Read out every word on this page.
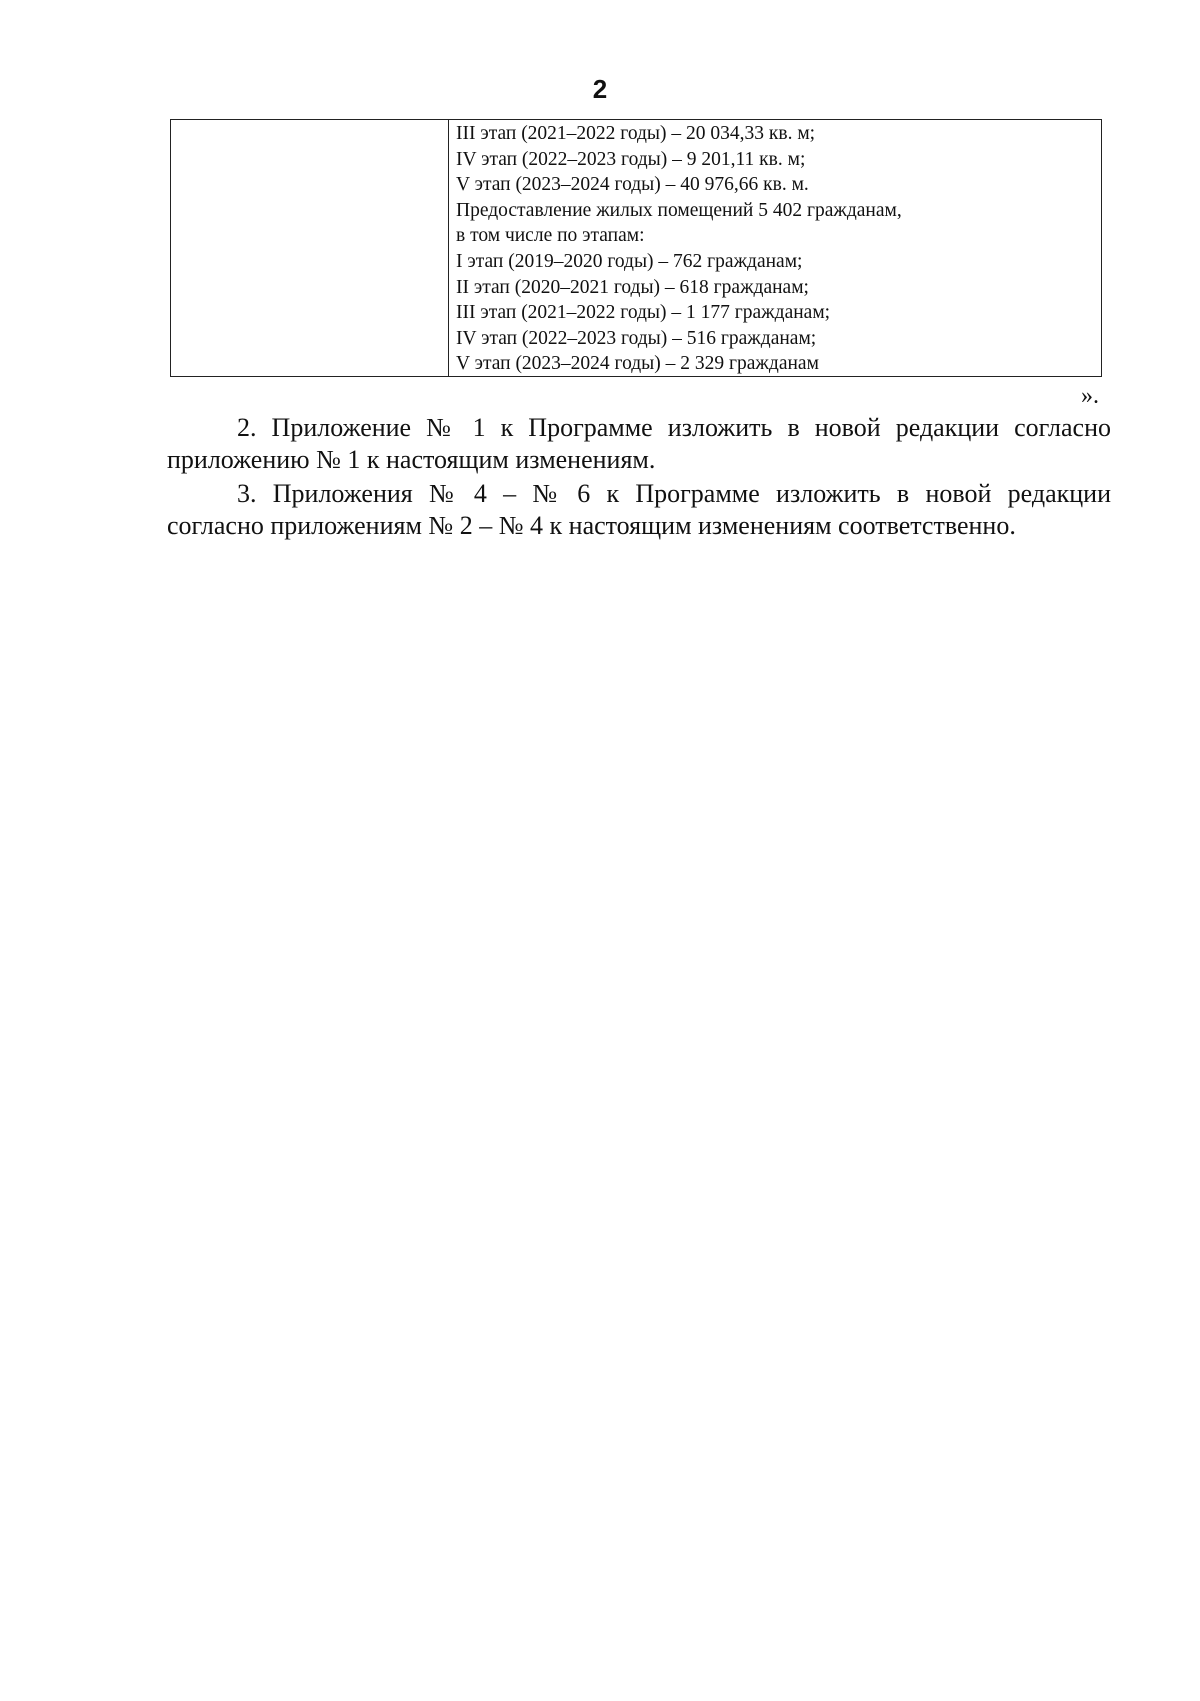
2
III этап (2021–2022 годы) – 20 034,33 кв. м;
IV этап (2022–2023 годы) – 9 201,11 кв. м;
V этап (2023–2024 годы) – 40 976,66 кв. м.
Предоставление жилых помещений 5 402 гражданам,
в том числе по этапам:
I этап (2019–2020 годы) – 762 гражданам;
II этап (2020–2021 годы) – 618 гражданам;
III этап (2021–2022 годы) – 1 177 гражданам;
IV этап (2022–2023 годы) – 516 гражданам;
V этап (2023–2024 годы) – 2 329 гражданам
».
2. Приложение № 1 к Программе изложить в новой редакции согласно
приложению № 1 к настоящим изменениям.
3. Приложения № 4 – № 6 к Программе изложить в новой редакции
согласно приложениям № 2 – № 4 к настоящим изменениям соответственно.
